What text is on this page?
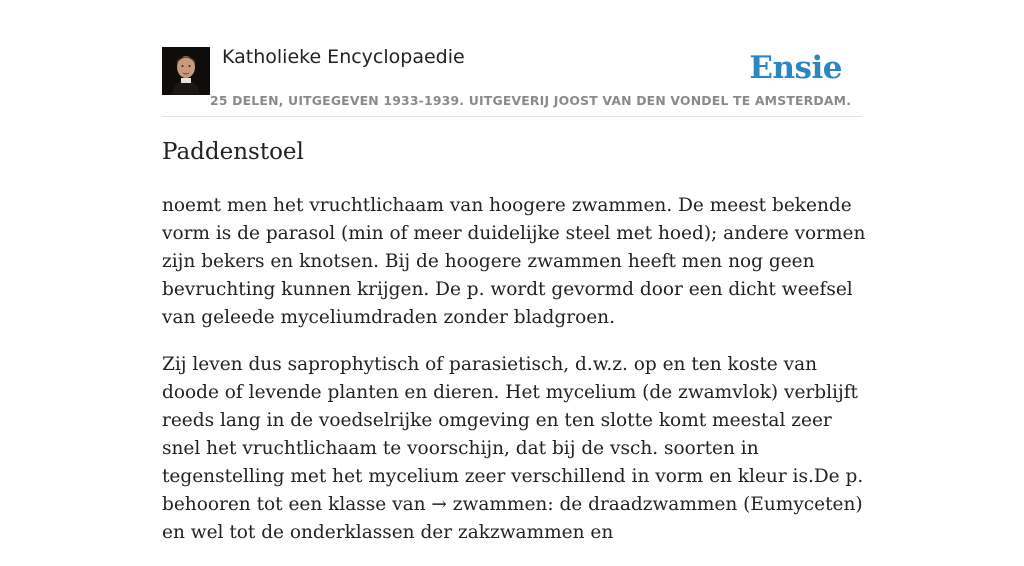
Katholieke Encyclopaedie
25 DELEN, UITGEGEVEN 1933-1939. UITGEVERIJ JOOST VAN DEN VONDEL TE AMSTERDAM.
Ensie
Paddenstoel

noemt men het vruchtlichaam van hoogere zwammen. De meest bekende vorm is de parasol (min of meer duidelijke steel met hoed); andere vormen zijn bekers en knotsen. Bij de hoogere zwammen heeft men nog geen bevruchting kunnen krijgen. De p. wordt gevormd door een dicht weefsel van geleede myceliumdraden zonder bladgroen.

Zij leven dus saprophytisch of parasietisch, d.w.z. op en ten koste van doode of levende planten en dieren. Het mycelium (de zwamvlok) verblijft reeds lang in de voedselrijke omgeving en ten slotte komt meestal zeer snel het vruchtlichaam te voorschijn, dat bij de vsch. soorten in tegenstelling met het mycelium zeer verschillend in vorm en kleur is.De p. behooren tot een klasse van → zwammen: de draadzwammen (Eumyceten) en wel tot de onderklassen der zakzwammen en
